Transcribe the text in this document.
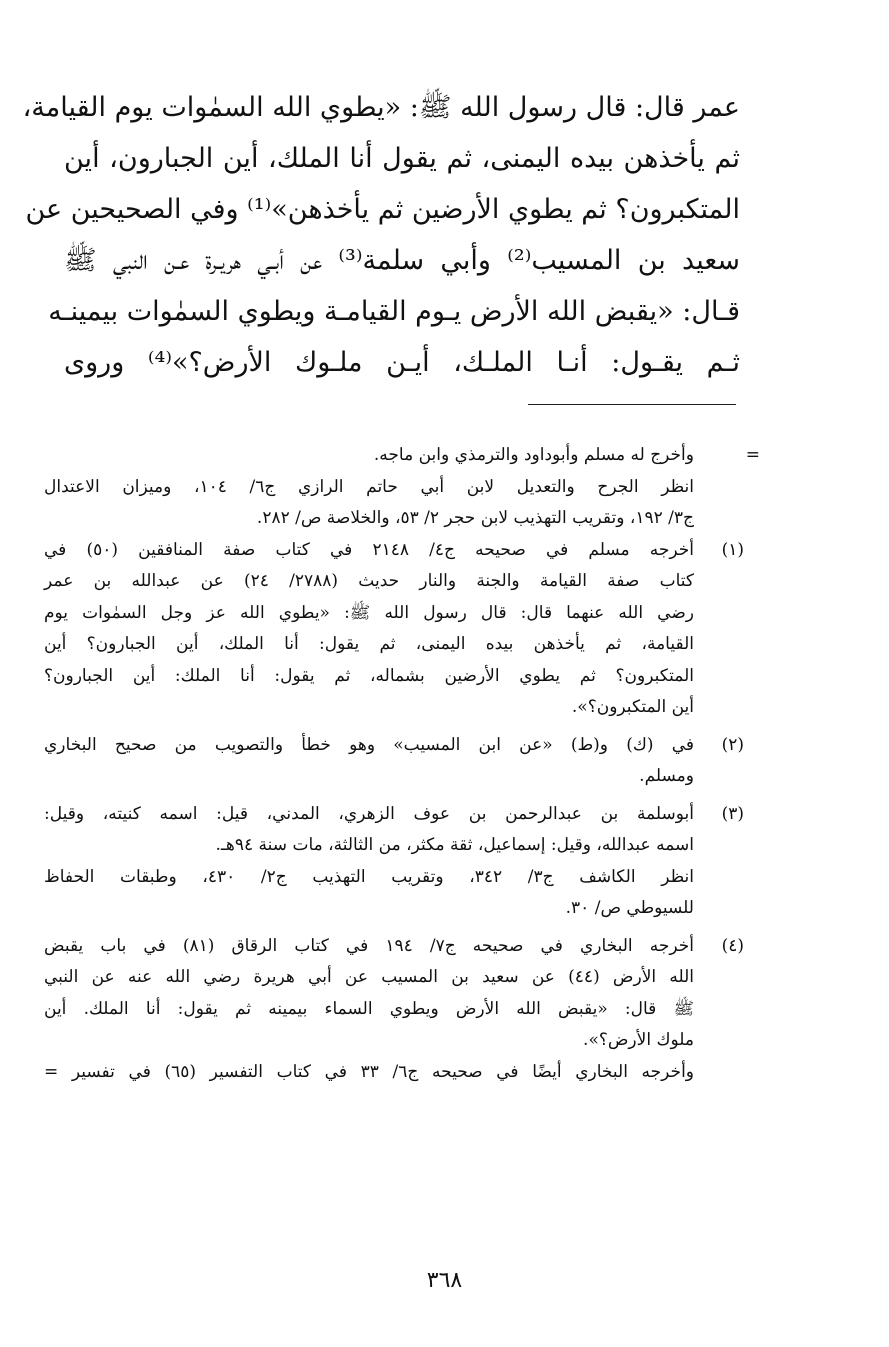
عمر قال: قال رسول الله ﷺ: «يطوي الله السمٰوات يوم القيامة،
ثم يأخذهن بيده اليمنى، ثم يقول أنا الملك، أين الجبارون، أين
المتكبرون؟ ثم يطوي الأرضين ثم يأخذهن»⁽¹⁾ وفي الصحيحين عن
سعيد بن المسيب⁽²⁾ وأبي سلمة⁽³⁾ عن أبـي هريـرة عـن النبي ﷺ
قـال: «يقبض الله الأرض يـوم القيامـة ويطوي السمٰوات بيمينـه
ثـم يقـول: أنـا الملـك، أيـن ملـوك الأرض؟»⁽⁴⁾ وروى
=
وأخرج له مسلم وأبوداود والترمذي وابن ماجه.
انظر الجرح والتعديل لابن أبي حاتم الرازي ج٦/ ١٠٤، وميزان الاعتدال
ج٣/ ١٩٢، وتقريب التهذيب لابن حجر ٢/ ٥٣، والخلاصة ص/ ٢٨٢.
(١)
أخرجه مسلم في صحيحه ج٤/ ٢١٤٨ في كتاب صفة المنافقين (٥٠) في
كتاب صفة القيامة والجنة والنار حديث (٢٧٨٨/ ٢٤) عن عبدالله بن عمر
رضي الله عنهما قال: قال رسول الله ﷺ: «يطوي الله عز وجل السمٰوات يوم
القيامة، ثم يأخذهن بيده اليمنى، ثم يقول: أنا الملك، أين الجبارون؟ أين
المتكبرون؟ ثم يطوي الأرضين بشماله، ثم يقول: أنا الملك: أين الجبارون؟
أين المتكبرون؟».
(٢)
في (ك) و(ط) «عن ابن المسيب» وهو خطأ والتصويب من صحيح البخاري
ومسلم.
(٣)
أبوسلمة بن عبدالرحمن بن عوف الزهري، المدني، قيل: اسمه كنيته، وقيل:
اسمه عبدالله، وقيل: إسماعيل، ثقة مكثر، من الثالثة، مات سنة ٩٤هـ.
انظر الكاشف ج٣/ ٣٤٢، وتقريب التهذيب ج٢/ ٤٣٠، وطبقات الحفاظ
للسيوطي ص/ ٣٠.
(٤)
أخرجه البخاري في صحيحه ج٧/ ١٩٤ في كتاب الرقاق (٨١) في باب يقبض
الله الأرض (٤٤) عن سعيد بن المسيب عن أبي هريرة رضي الله عنه عن النبي
ﷺ قال: «يقبض الله الأرض ويطوي السماء بيمينه ثم يقول: أنا الملك. أين
ملوك الأرض؟».
وأخرجه البخاري أيضًا في صحيحه ج٦/ ٣٣ في كتاب التفسير (٦٥) في تفسير =
٣٦٨
